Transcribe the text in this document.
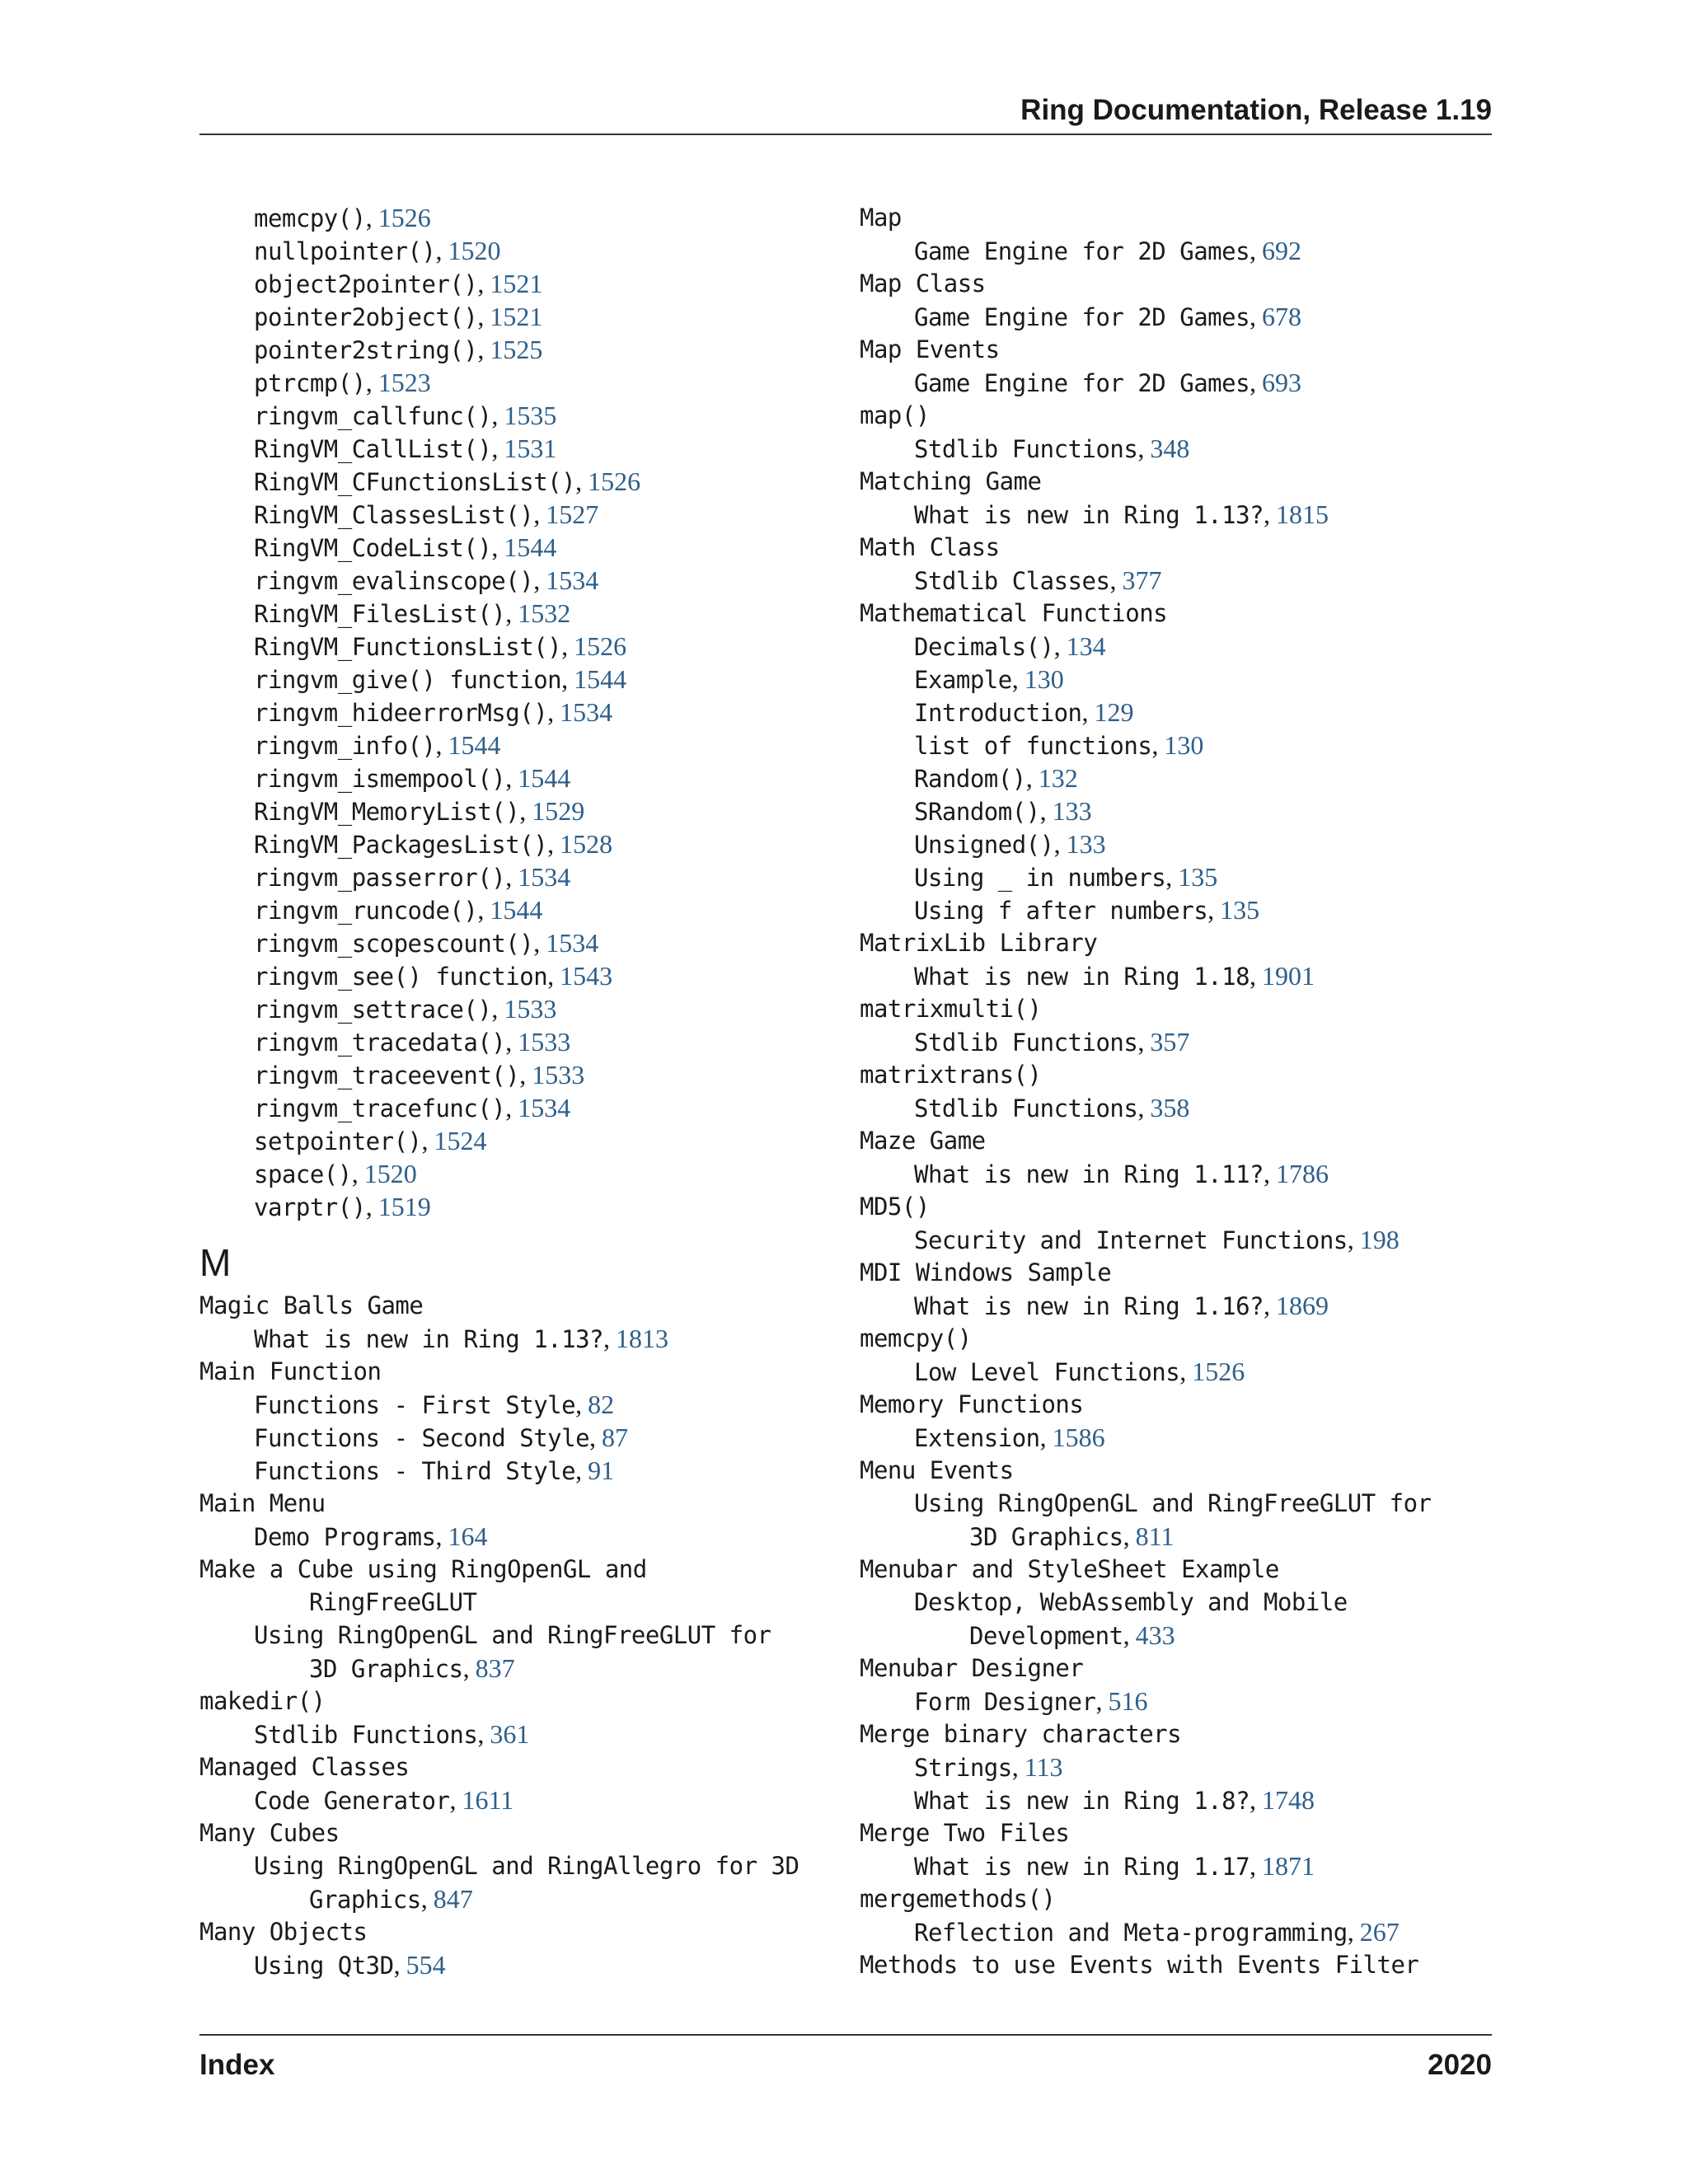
Ring Documentation, Release 1.19
memcpy(), 1526
nullpointer(), 1520
object2pointer(), 1521
pointer2object(), 1521
pointer2string(), 1525
ptrcmp(), 1523
ringvm_callfunc(), 1535
RingVM_CallList(), 1531
RingVM_CFunctionsList(), 1526
RingVM_ClassesList(), 1527
RingVM_CodeList(), 1544
ringvm_evalinscope(), 1534
RingVM_FilesList(), 1532
RingVM_FunctionsList(), 1526
ringvm_give() function, 1544
ringvm_hideerrorMsg(), 1534
ringvm_info(), 1544
ringvm_ismempool(), 1544
RingVM_MemoryList(), 1529
RingVM_PackagesList(), 1528
ringvm_passerror(), 1534
ringvm_runcode(), 1544
ringvm_scopescount(), 1534
ringvm_see() function, 1543
ringvm_settrace(), 1533
ringvm_tracedata(), 1533
ringvm_traceevent(), 1533
ringvm_tracefunc(), 1534
setpointer(), 1524
space(), 1520
varptr(), 1519
M
Magic Balls Game
What is new in Ring 1.13?, 1813
Main Function
Functions - First Style, 82
Functions - Second Style, 87
Functions - Third Style, 91
Main Menu
Demo Programs, 164
Make a Cube using RingOpenGL and
RingFreeGLUT
Using RingOpenGL and RingFreeGLUT for
3D Graphics, 837
makedir()
Stdlib Functions, 361
Managed Classes
Code Generator, 1611
Many Cubes
Using RingOpenGL and RingAllegro for 3D
Graphics, 847
Many Objects
Using Qt3D, 554
Map
Game Engine for 2D Games, 692
Map Class
Game Engine for 2D Games, 678
Map Events
Game Engine for 2D Games, 693
map()
Stdlib Functions, 348
Matching Game
What is new in Ring 1.13?, 1815
Math Class
Stdlib Classes, 377
Mathematical Functions
Decimals(), 134
Example, 130
Introduction, 129
list of functions, 130
Random(), 132
SRandom(), 133
Unsigned(), 133
Using _ in numbers, 135
Using f after numbers, 135
MatrixLib Library
What is new in Ring 1.18, 1901
matrixmulti()
Stdlib Functions, 357
matrixtrans()
Stdlib Functions, 358
Maze Game
What is new in Ring 1.11?, 1786
MD5()
Security and Internet Functions, 198
MDI Windows Sample
What is new in Ring 1.16?, 1869
memcpy()
Low Level Functions, 1526
Memory Functions
Extension, 1586
Menu Events
Using RingOpenGL and RingFreeGLUT for
3D Graphics, 811
Menubar and StyleSheet Example
Desktop, WebAssembly and Mobile
Development, 433
Menubar Designer
Form Designer, 516
Merge binary characters
Strings, 113
What is new in Ring 1.8?, 1748
Merge Two Files
What is new in Ring 1.17, 1871
mergemethods()
Reflection and Meta-programming, 267
Methods to use Events with Events Filter
Index	2020
